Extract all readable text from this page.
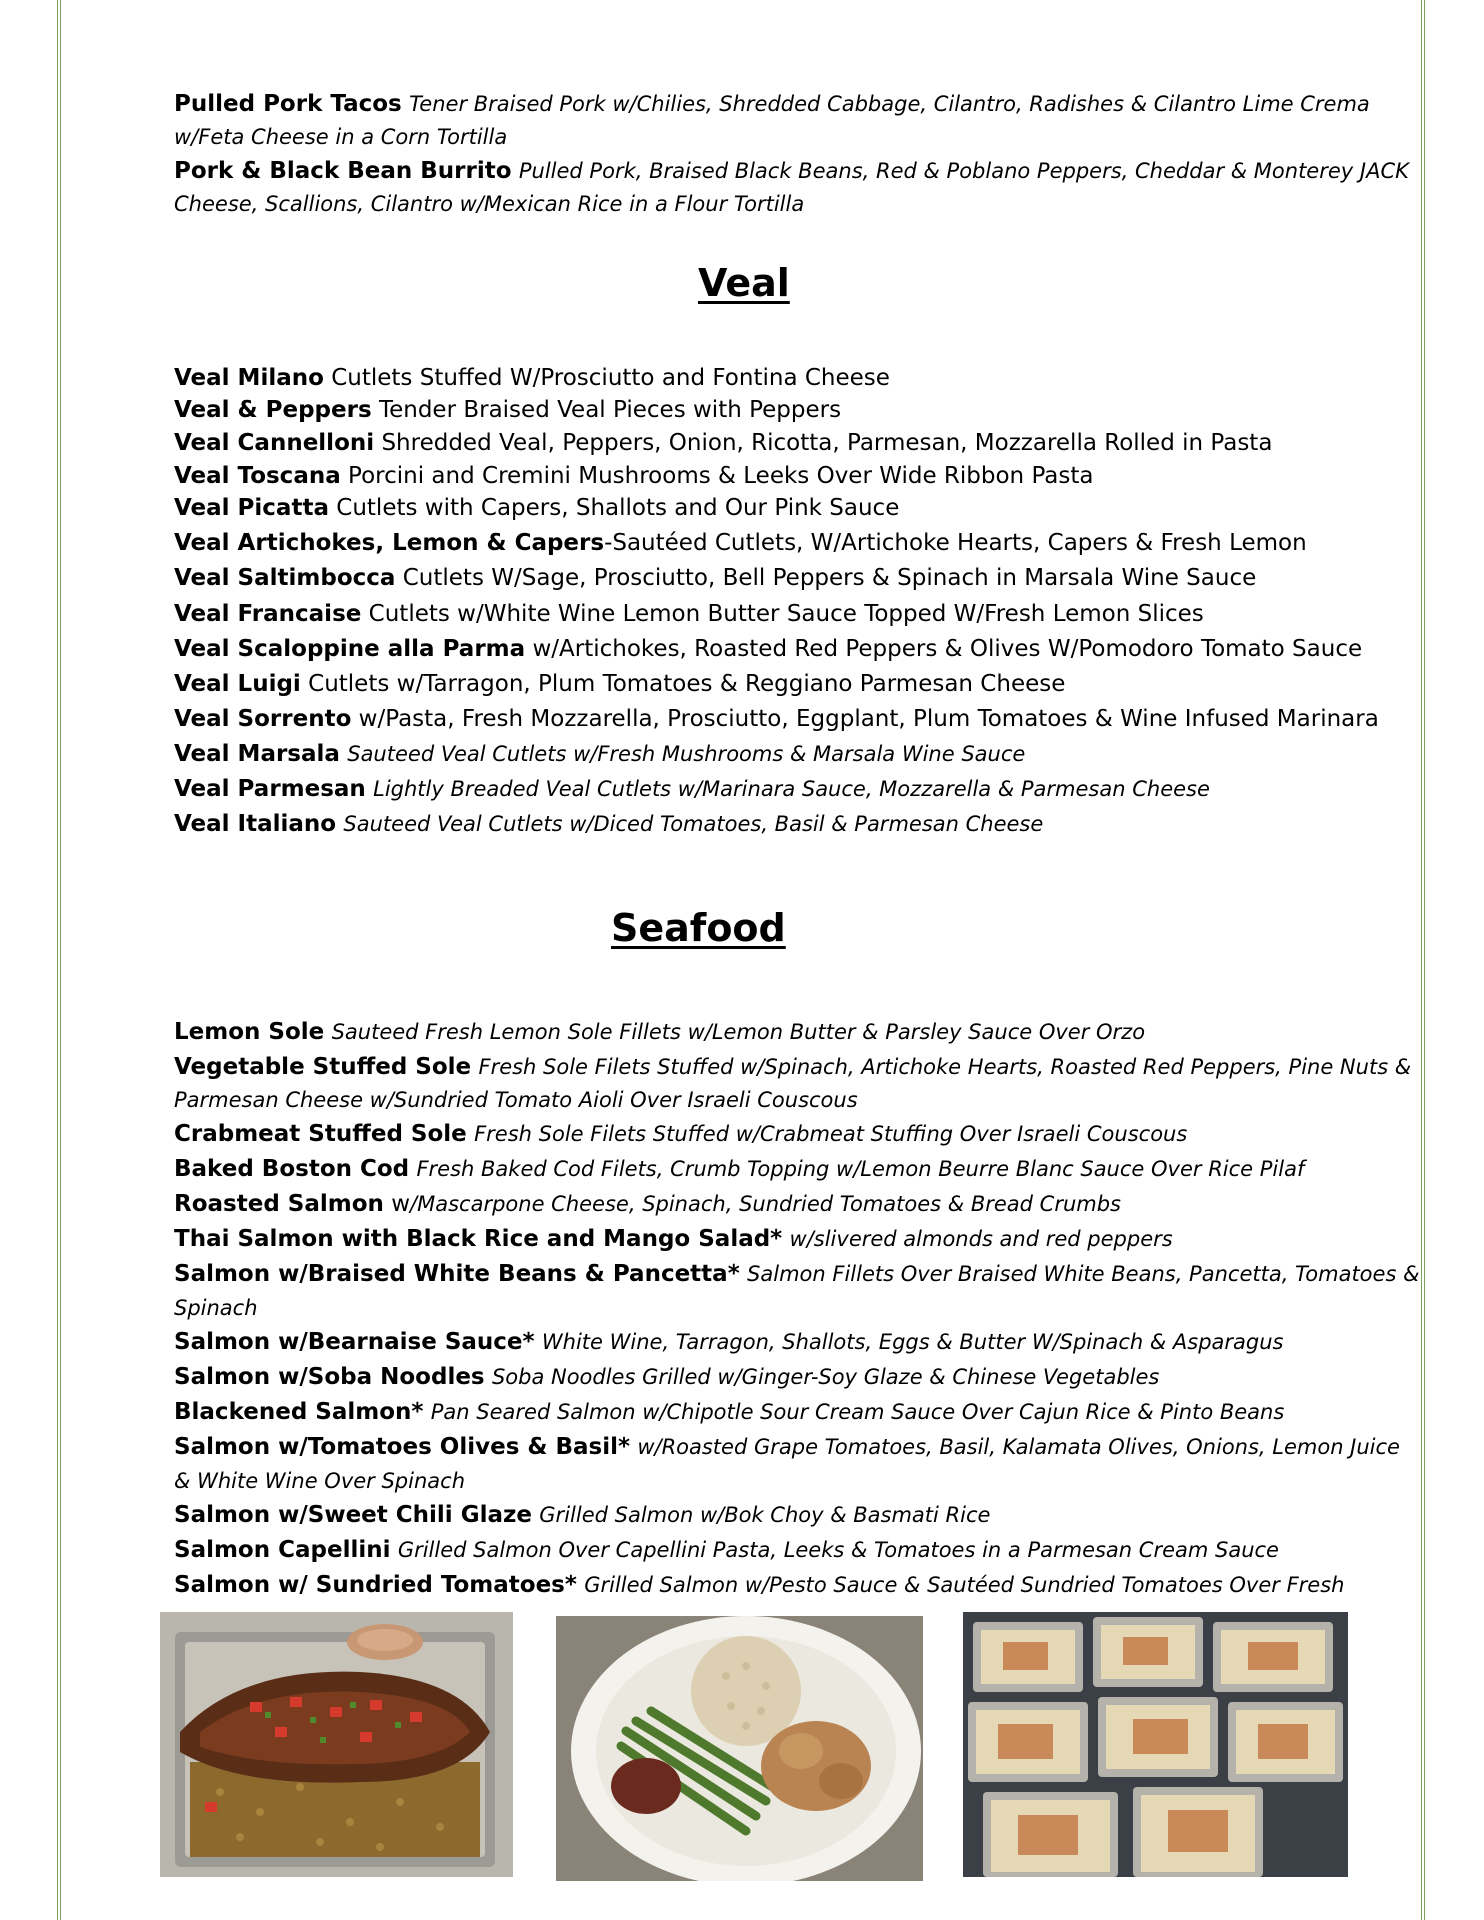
Pulled Pork Tacos Tener Braised Pork w/Chilies, Shredded Cabbage, Cilantro, Radishes & Cilantro Lime Crema
w/Feta Cheese in a Corn Tortilla
Pork & Black Bean Burrito Pulled Pork, Braised Black Beans, Red & Poblano Peppers, Cheddar & Monterey JACK
Cheese, Scallions, Cilantro w/Mexican Rice in a Flour Tortilla
Veal
Veal Milano Cutlets Stuffed W/Prosciutto and Fontina Cheese
Veal & Peppers Tender Braised Veal Pieces with Peppers
Veal Cannelloni Shredded Veal, Peppers, Onion, Ricotta, Parmesan, Mozzarella Rolled in Pasta
Veal Toscana Porcini and Cremini Mushrooms & Leeks Over Wide Ribbon Pasta
Veal Picatta Cutlets with Capers, Shallots and Our Pink Sauce
Veal Artichokes, Lemon & Capers-Sautéed Cutlets, W/Artichoke Hearts, Capers & Fresh Lemon
Veal Saltimbocca Cutlets W/Sage, Prosciutto, Bell Peppers & Spinach in Marsala Wine Sauce
Veal Francaise Cutlets w/White Wine Lemon Butter Sauce Topped W/Fresh Lemon Slices
Veal Scaloppine alla Parma w/Artichokes, Roasted Red Peppers & Olives W/Pomodoro Tomato Sauce
Veal Luigi Cutlets w/Tarragon, Plum Tomatoes & Reggiano Parmesan Cheese
Veal Sorrento w/Pasta, Fresh Mozzarella, Prosciutto, Eggplant, Plum Tomatoes & Wine Infused Marinara
Veal Marsala Sauteed Veal Cutlets w/Fresh Mushrooms & Marsala Wine Sauce
Veal Parmesan Lightly Breaded Veal Cutlets w/Marinara Sauce, Mozzarella & Parmesan Cheese
Veal Italiano Sauteed Veal Cutlets w/Diced Tomatoes, Basil & Parmesan Cheese
Seafood
Lemon Sole Sauteed Fresh Lemon Sole Fillets w/Lemon Butter & Parsley Sauce Over Orzo
Vegetable Stuffed Sole Fresh Sole Filets Stuffed w/Spinach, Artichoke Hearts, Roasted Red Peppers, Pine Nuts &
Parmesan Cheese w/Sundried Tomato Aioli Over Israeli Couscous
Crabmeat Stuffed Sole Fresh Sole Filets Stuffed w/Crabmeat Stuffing Over Israeli Couscous
Baked Boston Cod Fresh Baked Cod Filets, Crumb Topping w/Lemon Beurre Blanc Sauce Over Rice Pilaf
Roasted Salmon w/Mascarpone Cheese, Spinach, Sundried Tomatoes & Bread Crumbs
Thai Salmon with Black Rice and Mango Salad* w/slivered almonds and red peppers
Salmon w/Braised White Beans & Pancetta* Salmon Fillets Over Braised White Beans, Pancetta, Tomatoes &
Spinach
Salmon w/Bearnaise Sauce* White Wine, Tarragon, Shallots, Eggs & Butter W/Spinach & Asparagus
Salmon w/Soba Noodles Soba Noodles Grilled w/Ginger-Soy Glaze & Chinese Vegetables
Blackened Salmon* Pan Seared Salmon w/Chipotle Sour Cream Sauce Over Cajun Rice & Pinto Beans
Salmon w/Tomatoes Olives & Basil* w/Roasted Grape Tomatoes, Basil, Kalamata Olives, Onions, Lemon Juice
& White Wine Over Spinach
Salmon w/Sweet Chili Glaze Grilled Salmon w/Bok Choy & Basmati Rice
Salmon Capellini Grilled Salmon Over Capellini Pasta, Leeks & Tomatoes in a Parmesan Cream Sauce
Salmon w/ Sundried Tomatoes* Grilled Salmon w/Pesto Sauce & Sautéed Sundried Tomatoes Over Fresh
